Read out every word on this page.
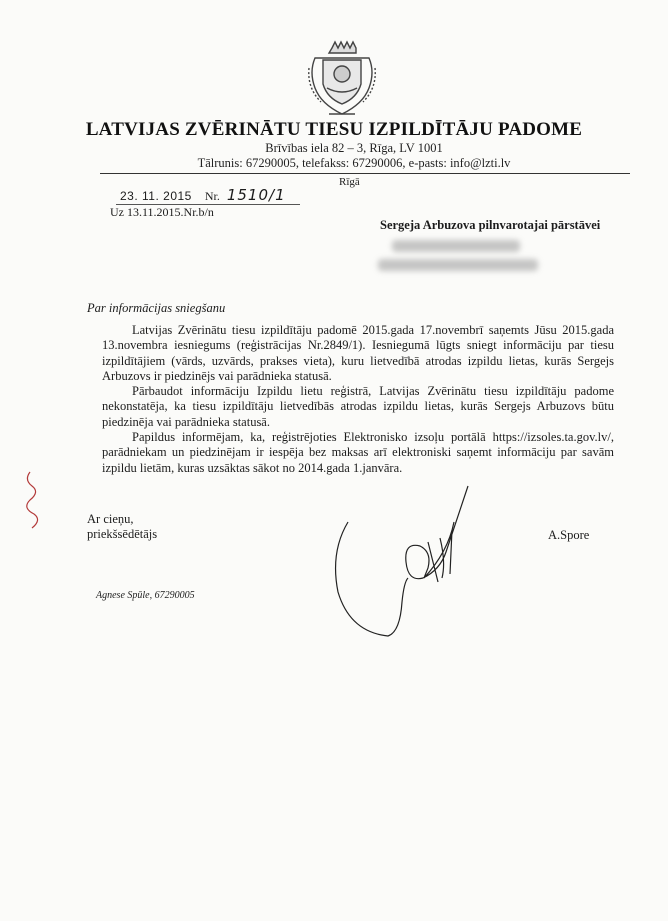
LATVIJAS ZVĒRINĀTU TIESU IZPILDĪTĀJU PADOME
Brīvības iela 82 – 3, Rīga, LV 1001
Tālrunis: 67290005, telefakss: 67290006, e-pasts: info@lzti.lv
Rīgā
23. 11. 2015 Nr. 1510/1
Uz 13.11.2015.Nr.b/n
Sergeja Arbuzova pilnvarotajai pārstāvei
Par informācijas sniegšanu

Latvijas Zvērinātu tiesu izpildītāju padomē 2015.gada 17.novembrī saņemts Jūsu 2015.gada 13.novembra iesniegums (reģistrācijas Nr.2849/1). Iesniegumā lūgts sniegt informāciju par tiesu izpildītājiem (vārds, uzvārds, prakses vieta), kuru lietvedībā atrodas izpildu lietas, kurās Sergejs Arbuzovs ir piedzinējs vai parādnieka statusā.

Pārbaudot informāciju Izpildu lietu reģistrā, Latvijas Zvērinātu tiesu izpildītāju padome nekonstatēja, ka tiesu izpildītāju lietvedībās atrodas izpildu lietas, kurās Sergejs Arbuzovs būtu piedzinēja vai parādnieka statusā.

Papildus informējam, ka, reģistrējoties Elektronisko izsoļu portālā https://izsoles.ta.gov.lv/, parādniekam un piedzinējam ir iespēja bez maksas arī elektroniski saņemt informāciju par savām izpildu lietām, kuras uzsāktas sākot no 2014.gada 1.janvāra.

Ar cieņu,
priekšsēdētājs	A.Spore
Agnese Spūle, 67290005
